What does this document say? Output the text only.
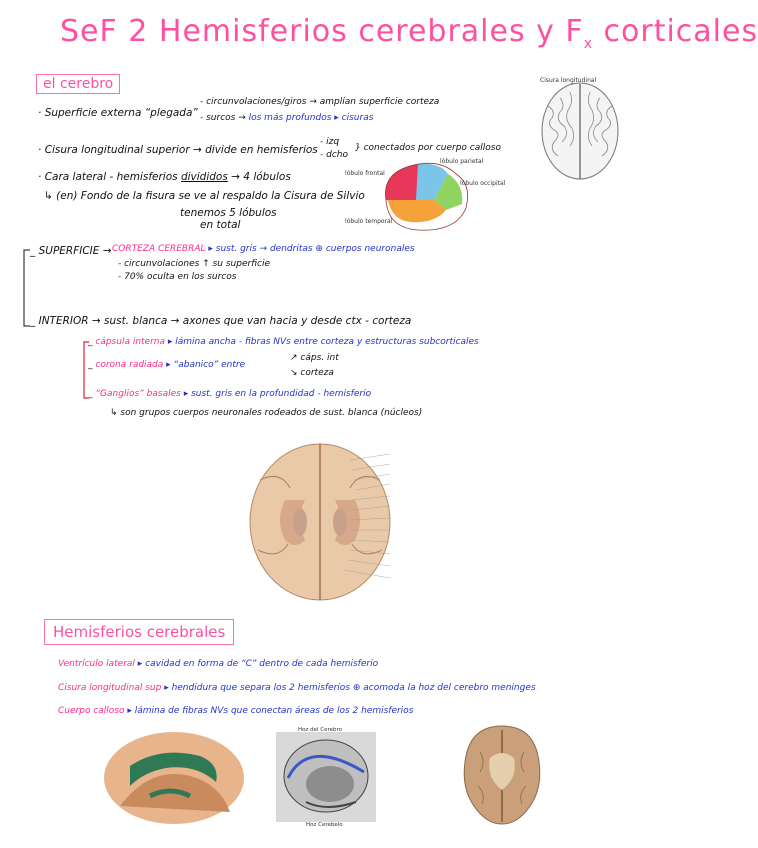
SeF 2 Hemisferios cerebrales y $F_x$ corticales
el cerebro	Cisura longitudinal
· Superficie externa “plegada”
- circunvolaciones/giros → amplían superficie corteza
- surcos → los más profundos ▸ cisuras
· Cisura longitudinal superior → divide en hemisferios
- izq
- dcho
} conectados por cuerpo calloso
· Cara lateral - hemisferios divididos → 4 lóbulos
↳ (en) Fondo de la fisura se ve al respaldo la Cisura de Silvio
tenemos 5 lóbulos
en total
lóbulo frontal
lóbulo parietal
lóbulo occipital
lóbulo temporal
_ SUPERFICIE → CORTEZA CEREBRAL ▸ sust. gris → dendritas ⊕ cuerpos neuronales
- circunvolaciones ↑ su superficie
- 70% oculta en los surcos
_ INTERIOR → sust. blanca → axones que van hacia y desde ctx - corteza
_ cápsula interna ▸ lámina ancha - fibras NVs entre corteza y estructuras subcorticales
_ corona radiada ▸ “abanico” entre
↗ cáps. int
↘ corteza
_ “Ganglios” basales ▸ sust. gris en la profundidad - hemisferio
↳ son grupos cuerpos neuronales rodeados de sust. blanca (núcleos)
Hemisferios cerebrales
Ventrículo lateral ▸ cavidad en forma de “C” dentro de cada hemisferio
Cisura longitudinal sup ▸ hendidura que separa los 2 hemisferios ⊕ acomoda la hoz del cerebro meninges
Cuerpo calloso ▸ lámina de fibras NVs que conectan áreas de los 2 hemisferios
Hoz del Cerebro
Hoz Cerebelo
